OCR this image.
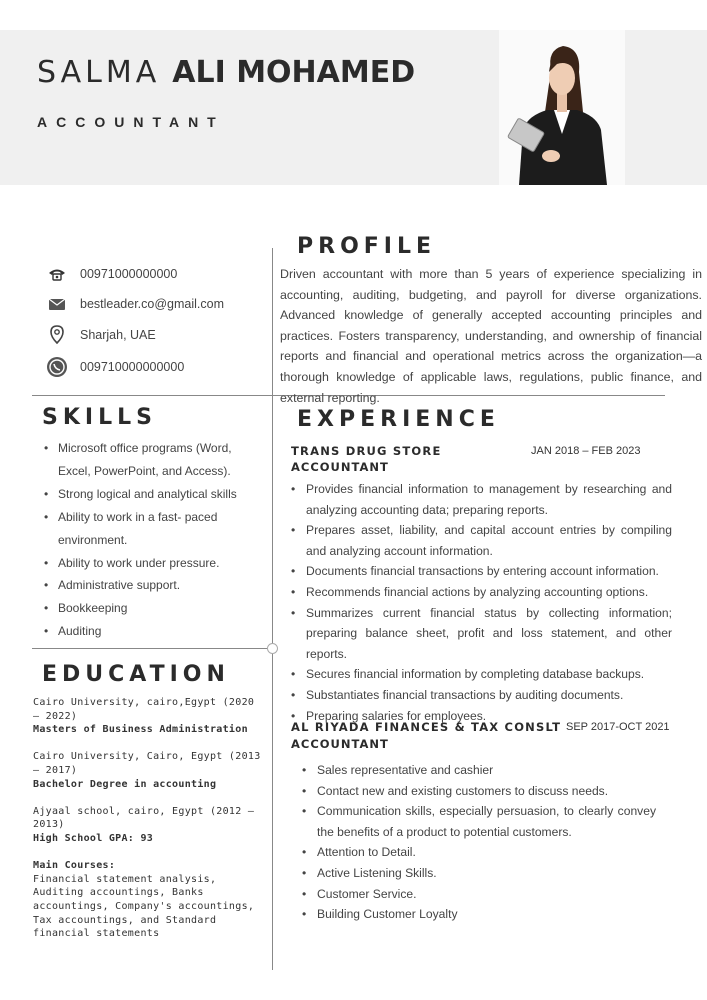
SALMA ALI MOHAMED
ACCOUNTANT
00971000000000
bestleader.co@gmail.com
Sharjah, UAE
009710000000000
PROFILE
Driven accountant with more than 5 years of experience specializing in accounting, auditing, budgeting, and payroll for diverse organizations. Advanced knowledge of generally accepted accounting principles and practices. Fosters transparency, understanding, and ownership of financial reports and financial and operational metrics across the organization—a thorough knowledge of applicable laws, regulations, public finance, and external reporting.
SKILLS
• Microsoft office programs (Word, Excel, PowerPoint, and Access).
• Strong logical and analytical skills
• Ability to work in a fast- paced environment.
• Ability to work under pressure.
• Administrative support.
• Bookkeeping
• Auditing
EDUCATION
Cairo University, cairo,Egypt (2020 – 2022)
Masters of Business Administration
Cairo University, Cairo, Egypt (2013 – 2017)
Bachelor Degree in accounting
Ajyaal school, cairo, Egypt (2012 – 2013)
High School GPA: 93
Main Courses:
Financial statement analysis, Auditing accountings, Banks accountings, Company's accountings, Tax accountings, and Standard financial statements
EXPERIENCE
TRANS DRUG STORE	JAN 2018 – FEB 2023
ACCOUNTANT
• Provides financial information to management by researching and analyzing accounting data; preparing reports.
• Prepares asset, liability, and capital account entries by compiling and analyzing account information.
• Documents financial transactions by entering account information.
• Recommends financial actions by analyzing accounting options.
• Summarizes current financial status by collecting information; preparing balance sheet, profit and loss statement, and other reports.
• Secures financial information by completing database backups.
• Substantiates financial transactions by auditing documents.
• Preparing salaries for employees.
AL RIYADA FINANCES & TAX CONSLT SEP 2017-OCT 2021
ACCOUNTANT
• Sales representative and cashier
• Contact new and existing customers to discuss needs.
• Communication skills, especially persuasion, to clearly convey the benefits of a product to potential customers.
• Attention to Detail.
• Active Listening Skills.
• Customer Service.
• Building Customer Loyalty
